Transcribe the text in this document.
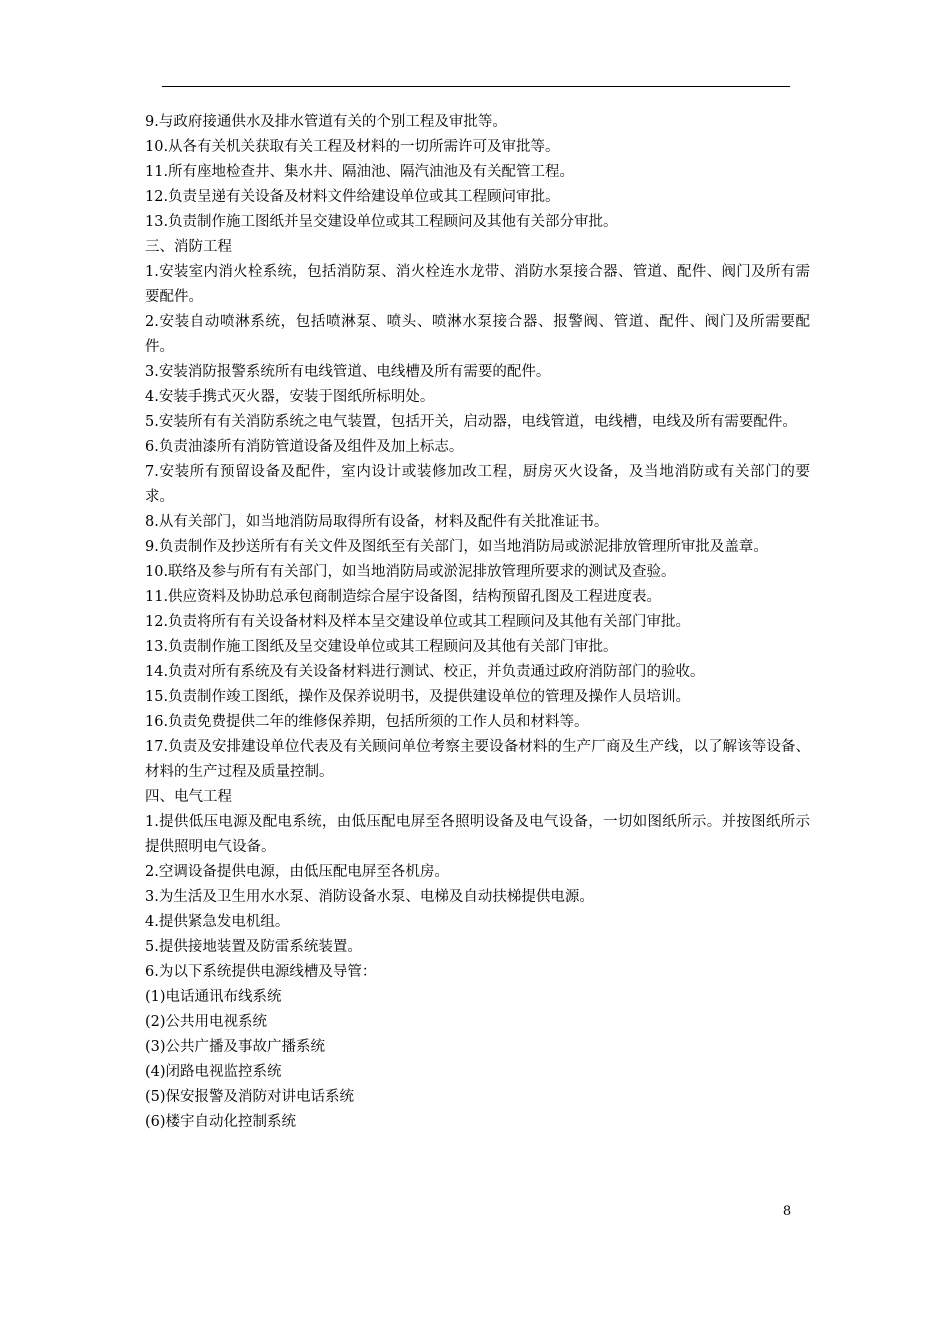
9.与政府接通供水及排水管道有关的个别工程及审批等。

10.从各有关机关获取有关工程及材料的一切所需许可及审批等。

11.所有座地检查井、集水井、隔油池、隔汽油池及有关配管工程。

12.负责呈递有关设备及材料文件给建设单位或其工程顾问审批。

13.负责制作施工图纸并呈交建设单位或其工程顾问及其他有关部分审批。

三、消防工程

1.安装室内消火栓系统，包括消防泵、消火栓连水龙带、消防水泵接合器、管道、配件、阀门及所有需要配件。

2.安装自动喷淋系统，包括喷淋泵、喷头、喷淋水泵接合器、报警阀、管道、配件、阀门及所需要配件。

3.安装消防报警系统所有电线管道、电线槽及所有需要的配件。

4.安装手携式灭火器，安装于图纸所标明处。

5.安装所有有关消防系统之电气装置，包括开关，启动器，电线管道，电线槽，电线及所有需要配件。

6.负责油漆所有消防管道设备及组件及加上标志。

7.安装所有预留设备及配件，室内设计或装修加改工程，厨房灭火设备，及当地消防或有关部门的要求。

8.从有关部门，如当地消防局取得所有设备，材料及配件有关批准证书。

9.负责制作及抄送所有有关文件及图纸至有关部门，如当地消防局或淤泥排放管理所审批及盖章。

10.联络及参与所有有关部门，如当地消防局或淤泥排放管理所要求的测试及查验。

11.供应资料及协助总承包商制造综合屋宇设备图，结构预留孔图及工程进度表。

12.负责将所有有关设备材料及样本呈交建设单位或其工程顾问及其他有关部门审批。

13.负责制作施工图纸及呈交建设单位或其工程顾问及其他有关部门审批。

14.负责对所有系统及有关设备材料进行测试、校正，并负责通过政府消防部门的验收。

15.负责制作竣工图纸，操作及保养说明书，及提供建设单位的管理及操作人员培训。

16.负责免费提供二年的维修保养期，包括所须的工作人员和材料等。

17.负责及安排建设单位代表及有关顾问单位考察主要设备材料的生产厂商及生产线，以了解该等设备、材料的生产过程及质量控制。

四、电气工程

1.提供低压电源及配电系统，由低压配电屏至各照明设备及电气设备，一切如图纸所示。并按图纸所示提供照明电气设备。

2.空调设备提供电源，由低压配电屏至各机房。

3.为生活及卫生用水水泵、消防设备水泵、电梯及自动扶梯提供电源。

4.提供紧急发电机组。

5.提供接地装置及防雷系统装置。

6.为以下系统提供电源线槽及导管：

(1)电话通讯布线系统

(2)公共用电视系统

(3)公共广播及事故广播系统

(4)闭路电视监控系统

(5)保安报警及消防对讲电话系统

(6)楼宇自动化控制系统

8
